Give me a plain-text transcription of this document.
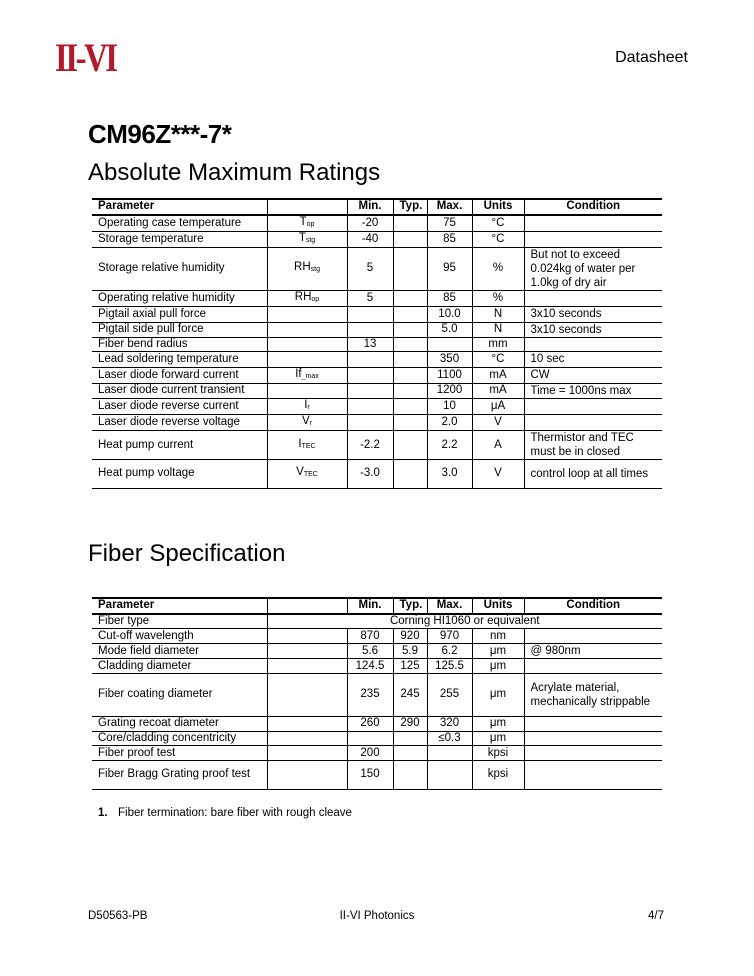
II-VI	Datasheet
CM96Z***-7*
Absolute Maximum Ratings
Parameter		Min.	Typ.	Max.	Units	Condition
Operating case temperature	$T_{op}$	-20		75	°C	
Storage temperature	$T_{stg}$	-40		85	°C	
Storage relative humidity	$RH_{stg}$	5		95	%	But not to exceed 0.024kg of water per 1.0kg of dry air
Operating relative humidity	$RH_{op}$	5		85	%	
Pigtail axial pull force				10.0	N	3x10 seconds
Pigtail side pull force				5.0	N	3x10 seconds
Fiber bend radius		13			mm	
Lead soldering temperature				350	°C	10 sec
Laser diode forward current	$If_{\_max}$			1100	mA	CW
Laser diode current transient				1200	mA	Time = 1000ns max
Laser diode reverse current	$I_r$			10	μA	
Laser diode reverse voltage	$V_r$			2.0	V	
Heat pump current	$I_{TEC}$	-2.2		2.2	A	Thermistor and TEC must be in closed
Heat pump voltage	$V_{TEC}$	-3.0		3.0	V	control loop at all times
Fiber Specification
Parameter		Min.	Typ.	Max.	Units	Condition
Fiber type	Corning HI1060 or equivalent					
Cut-off wavelength		870	920	970	nm	
Mode field diameter		5.6	5.9	6.2	μm	@ 980nm
Cladding diameter		124.5	125	125.5	μm	
Fiber coating diameter		235	245	255	μm	Acrylate material, mechanically strippable
Grating recoat diameter		260	290	320	μm	
Core/cladding concentricity				≤0.3	μm	
Fiber proof test		200			kpsi	
Fiber Bragg Grating proof test		150			kpsi	
1. Fiber termination: bare fiber with rough cleave
D50563-PB	II-VI Photonics	4/7
